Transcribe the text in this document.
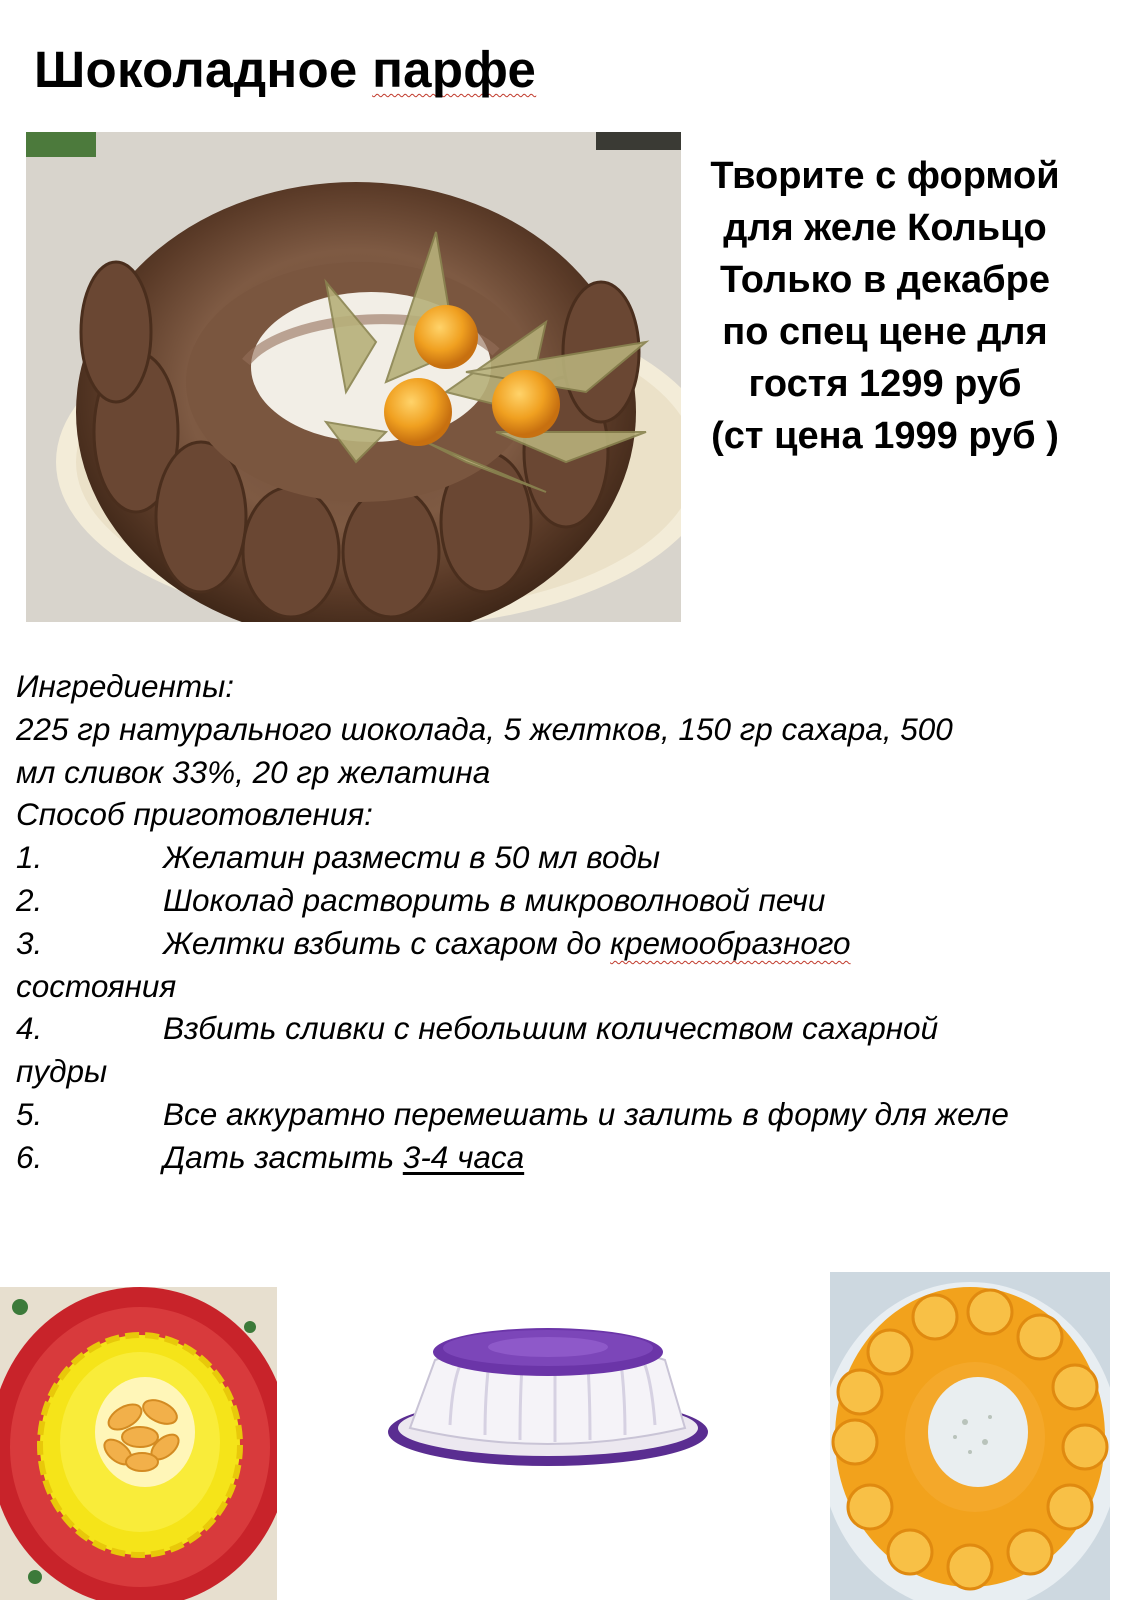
Шоколадное парфе
Творите с формой
для желе Кольцо
Только в декабре
по спец цене для
гостя 1299 руб
(ст цена 1999 руб )
Ингредиенты:
225 гр натурального шоколада, 5 желтков, 150 гр сахара, 500
мл сливок 33%, 20 гр желатина
Способ приготовления:
1.	Желатин размести в 50 мл воды
2.	Шоколад растворить в микроволновой печи
3.	Желтки взбить с сахаром до кремообразного
состояния
4.	Взбить сливки с небольшим количеством сахарной
пудры
5.	Все аккуратно перемешать и залить в форму для желе
6.	Дать застыть 3-4 часа
